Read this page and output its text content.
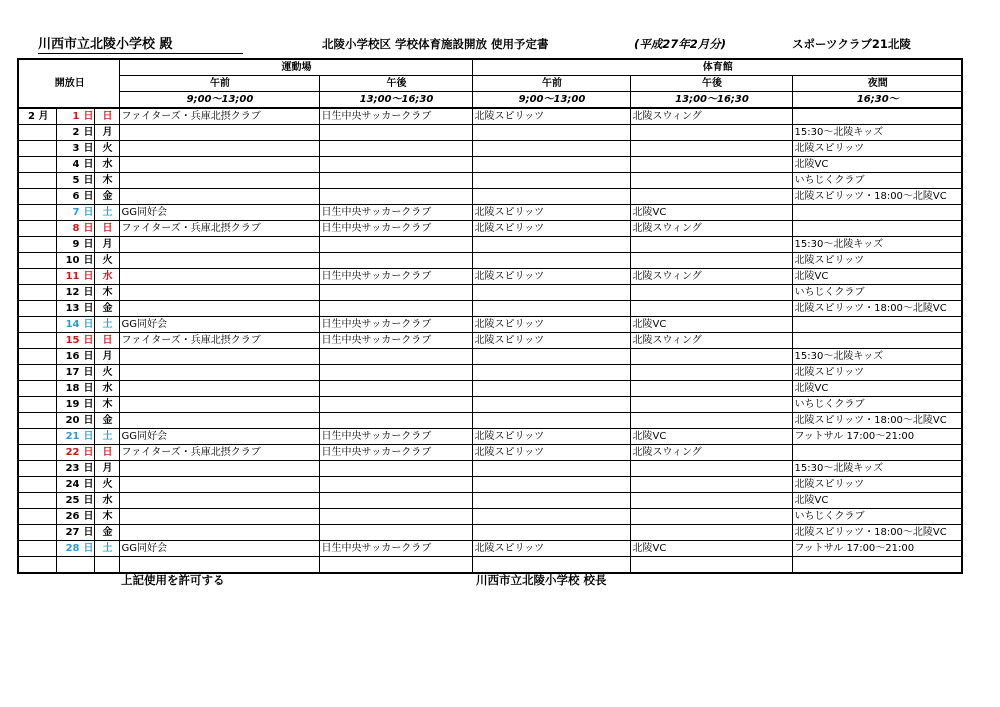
川西市立北陵小学校 殿	北陵小学校区 学校体育施設開放 使用予定書	(平成27年2月分)	スポーツクラブ21北陵
開放日			運動場		体育館		
			午前	午後	午前	午後	夜間
			9;00～13;00	13;00～16;30	9;00～13;00	13;00～16;30	16;30～
2 月	1 日	日	ファイターズ・兵庫北摂クラブ	日生中央サッカークラブ	北陵スピリッツ	北陵スウィング	
	2 日	月					15:30～北陵キッズ
	3 日	火					北陵スピリッツ
	4 日	水					北陵VC
	5 日	木					いちじくクラブ
	6 日	金					北陵スピリッツ・18:00～北陵VC
	7 日	土	GG同好会	日生中央サッカークラブ	北陵スピリッツ	北陵VC	
	8 日	日	ファイターズ・兵庫北摂クラブ	日生中央サッカークラブ	北陵スピリッツ	北陵スウィング	
	9 日	月					15:30～北陵キッズ
	10 日	火					北陵スピリッツ
	11 日	水		日生中央サッカークラブ	北陵スピリッツ	北陵スウィング	北陵VC
	12 日	木					いちじくクラブ
	13 日	金					北陵スピリッツ・18:00～北陵VC
	14 日	土	GG同好会	日生中央サッカークラブ	北陵スピリッツ	北陵VC	
	15 日	日	ファイターズ・兵庫北摂クラブ	日生中央サッカークラブ	北陵スピリッツ	北陵スウィング	
	16 日	月					15:30～北陵キッズ
	17 日	火					北陵スピリッツ
	18 日	水					北陵VC
	19 日	木					いちじくクラブ
	20 日	金					北陵スピリッツ・18:00～北陵VC
	21 日	土	GG同好会	日生中央サッカークラブ	北陵スピリッツ	北陵VC	フットサル 17:00～21:00
	22 日	日	ファイターズ・兵庫北摂クラブ	日生中央サッカークラブ	北陵スピリッツ	北陵スウィング	
	23 日	月					15:30～北陵キッズ
	24 日	火					北陵スピリッツ
	25 日	水					北陵VC
	26 日	木					いちじくクラブ
	27 日	金					北陵スピリッツ・18:00～北陵VC
	28 日	土	GG同好会	日生中央サッカークラブ	北陵スピリッツ	北陵VC	フットサル 17:00～21:00

上記使用を許可する	川西市立北陵小学校 校長
